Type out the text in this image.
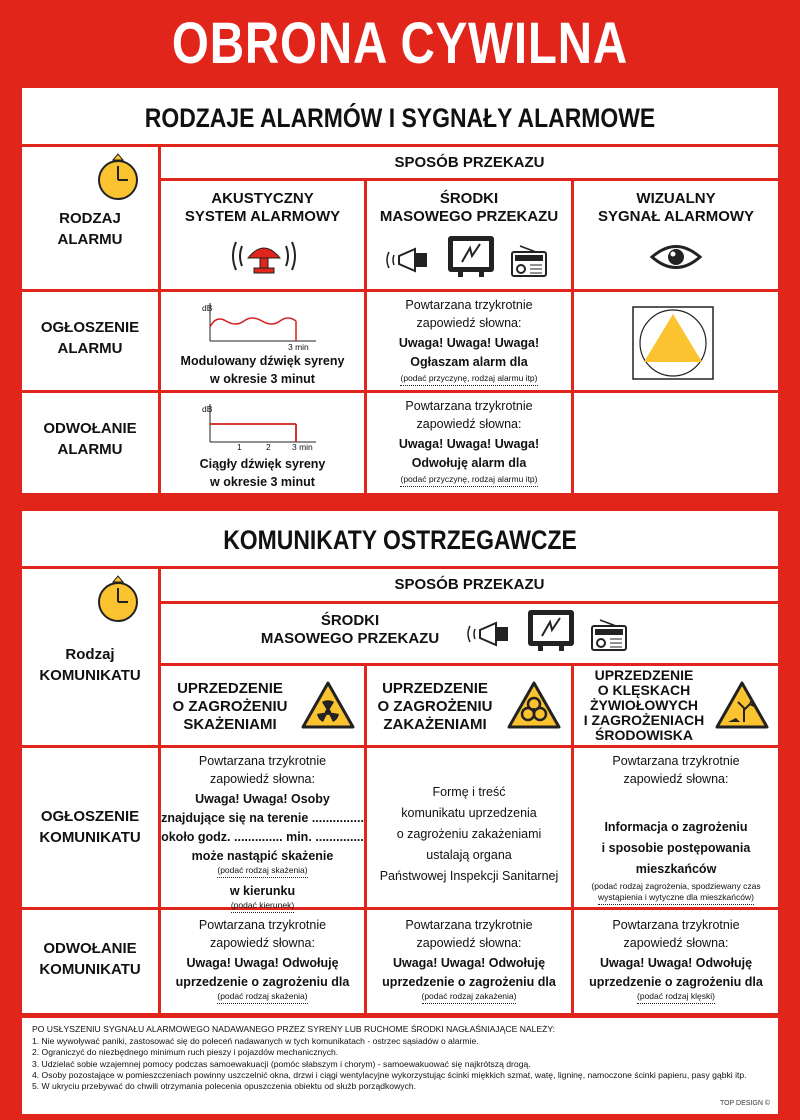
OBRONA CYWILNA
RODZAJE ALARMÓW I SYGNAŁY ALARMOWE
RODZAJ
ALARMU
SPOSÓB PRZEKAZU
AKUSTYCZNY
SYSTEM ALARMOWY
ŚRODKI
MASOWEGO PRZEKAZU
WIZUALNY
SYGNAŁ ALARMOWY
OGŁOSZENIE
ALARMU
dB
3 min
Modulowany dźwięk syreny
w okresie 3 minut
Powtarzana trzykrotnie
zapowiedź słowna:
Uwaga! Uwaga! Uwaga!
Ogłaszam alarm dla
(podać przyczynę, rodzaj alarmu itp)
ODWOŁANIE
ALARMU
dB
1	2	3 min
Ciągły dźwięk syreny
w okresie 3 minut
Powtarzana trzykrotnie
zapowiedź słowna:
Uwaga! Uwaga! Uwaga!
Odwołuję alarm dla
(podać przyczynę, rodzaj alarmu itp)
KOMUNIKATY OSTRZEGAWCZE
Rodzaj
KOMUNIKATU
SPOSÓB PRZEKAZU
ŚRODKI
MASOWEGO PRZEKAZU
UPRZEDZENIE
O ZAGROŻENIU
SKAŻENIAMI
UPRZEDZENIE
O ZAGROŻENIU
ZAKAŻENIAMI
UPRZEDZENIE
O KLĘSKACH
ŻYWIOŁOWYCH
I ZAGROŻENIACH
ŚRODOWISKA
OGŁOSZENIE
KOMUNIKATU
Powtarzana trzykrotnie
zapowiedź słowna:
Uwaga! Uwaga! Osoby
znajdujące się na terenie ...............
około godz. .............. min. ..............
może nastąpić skażenie
(podać rodzaj skażenia)
w kierunku
(podać kierunek)
Formę i treść
komunikatu uprzedzenia
o zagrożeniu zakażeniami
ustalają organa
Państwowej Inspekcji Sanitarnej
Powtarzana trzykrotnie
zapowiedź słowna:
Informacja o zagrożeniu
i sposobie postępowania
mieszkańców
(podać rodzaj zagrożenia, spodziewany czas
wystąpienia i wytyczne dla mieszkańców)
ODWOŁANIE
KOMUNIKATU
Powtarzana trzykrotnie
zapowiedź słowna:
Uwaga! Uwaga! Odwołuję
uprzedzenie o zagrożeniu dla
(podać rodzaj skażenia)
Powtarzana trzykrotnie
zapowiedź słowna:
Uwaga! Uwaga! Odwołuję
uprzedzenie o zagrożeniu dla
(podać rodzaj zakażenia)
Powtarzana trzykrotnie
zapowiedź słowna:
Uwaga! Uwaga! Odwołuję
uprzedzenie o zagrożeniu dla
(podać rodzaj klęski)
PO USŁYSZENIU SYGNAŁU ALARMOWEGO NADAWANEGO PRZEZ SYRENY LUB RUCHOME ŚRODKI NAGŁAŚNIAJĄCE NALEŻY:
1. Nie wywoływać paniki, zastosować się do poleceń nadawanych w tych komunikatach - ostrzec sąsiadów o alarmie.
2. Ograniczyć do niezbędnego minimum ruch pieszy i pojazdów mechanicznych.
3. Udzielać sobie wzajemnej pomocy podczas samoewakuacji (pomóc słabszym i chorym) - samoewakuować się najkrótszą drogą.
4. Osoby pozostające w pomieszczeniach powinny uszczelnić okna, drzwi i ciągi wentylacyjne wykorzystując ścinki miękkich szmat, watę, ligninę, namoczone ścinki papieru, pasy gąbki itp.
5. W ukryciu przebywać do chwili otrzymania polecenia opuszczenia obiektu od służb porządkowych.
TOP DESIGN ©
